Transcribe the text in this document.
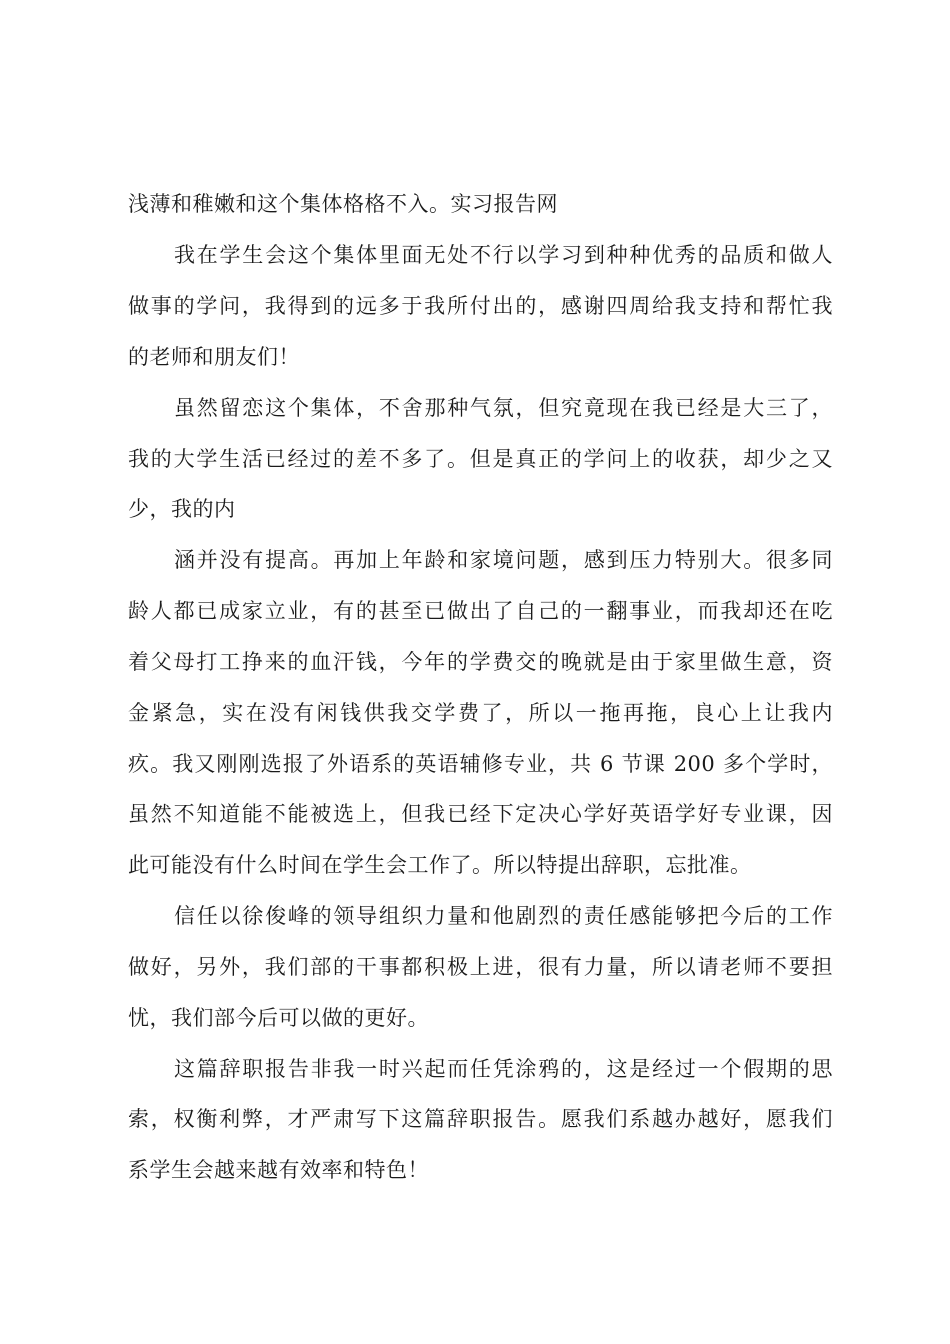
浅薄和稚嫩和这个集体格格不入。实习报告网
我在学生会这个集体里面无处不行以学习到种种优秀的品质和做人
做事的学问，我得到的远多于我所付出的，感谢四周给我支持和帮忙我
的老师和朋友们！
虽然留恋这个集体，不舍那种气氛，但究竟现在我已经是大三了，
我的大学生活已经过的差不多了。但是真正的学问上的收获，却少之又
少，我的内
涵并没有提高。再加上年龄和家境问题，感到压力特别大。很多同
龄人都已成家立业，有的甚至已做出了自己的一翻事业，而我却还在吃
着父母打工挣来的血汗钱，今年的学费交的晚就是由于家里做生意，资
金紧急，实在没有闲钱供我交学费了，所以一拖再拖，良心上让我内
疚。我又刚刚选报了外语系的英语辅修专业，共 6 节课 200 多个学时，
虽然不知道能不能被选上，但我已经下定决心学好英语学好专业课，因
此可能没有什么时间在学生会工作了。所以特提出辞职，忘批准。
信任以徐俊峰的领导组织力量和他剧烈的责任感能够把今后的工作
做好，另外，我们部的干事都积极上进，很有力量，所以请老师不要担
忧，我们部今后可以做的更好。
这篇辞职报告非我一时兴起而任凭涂鸦的，这是经过一个假期的思
索，权衡利弊，才严肃写下这篇辞职报告。愿我们系越办越好，愿我们
系学生会越来越有效率和特色！
